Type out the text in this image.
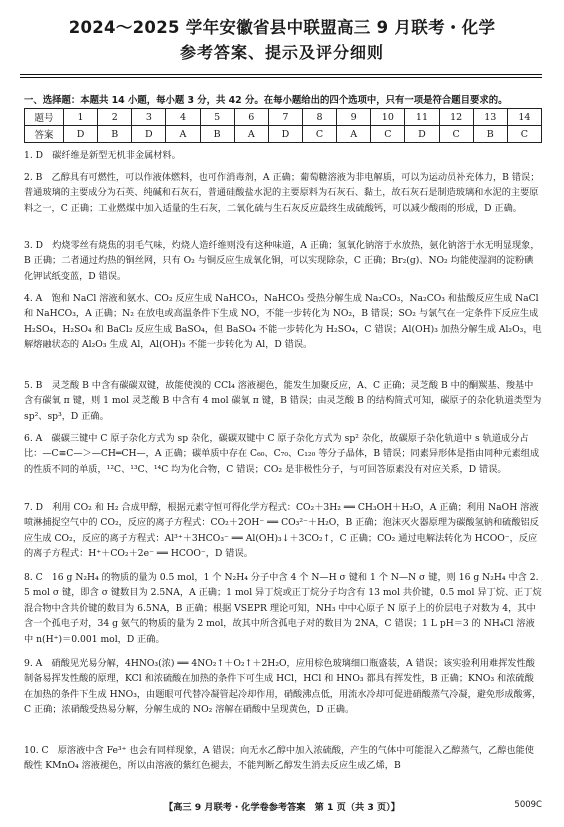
2024～2025 学年安徽省县中联盟高三 9 月联考・化学
参考答案、提示及评分细则
一、选择题：本题共 14 小题，每小题 3 分，共 42 分。在每小题给出的四个选项中，只有一项是符合题目要求的。
题号	1	2	3	4	5	6	7	8	9	10	11	12	13	14
答案	D	B	D	A	B	A	D	C	A	C	D	C	B	C
1. D　碳纤维是新型无机非金属材料。
2. B　乙醇具有可燃性，可以作液体燃料，也可作消毒剂，A 正确；葡萄糖溶液为非电解质，可以为运动员补充体力，B 错误；普通玻璃的主要成分为石英、纯碱和石灰石，普通硅酸盐水泥的主要原料为石灰石、黏土，故石灰石是制造玻璃和水泥的主要原料之一，C 正确；工业燃煤中加入适量的生石灰，二氧化硫与生石灰反应最终生成硫酸钙，可以减少酸雨的形成，D 正确。
3. D　灼烧零丝有烧焦的羽毛气味，灼烧人造纤维则没有这种味道，A 正确；氢氧化钠溶于水放热，氨化钠溶于水无明显现象，B 正确；二者通过灼热的铜丝网，只有 O₂ 与铜反应生成氧化铜，可以实现除杂，C 正确；Br₂(g)、NO₂ 均能使湿润的淀粉碘化钾试纸变蓝，D 错误。
4. A　饱和 NaCl 溶液和氨水、CO₂ 反应生成 NaHCO₃，NaHCO₃ 受热分解生成 Na₂CO₃，Na₂CO₃ 和盐酸反应生成 NaCl 和 NaHCO₃，A 正确；N₂ 在放电或高温条件下生成 NO，不能一步转化为 NO₂，B 错误；SO₂ 与氯气在一定条件下反应生成 H₂SO₄，H₂SO₄ 和 BaCl₂ 反应生成 BaSO₄，但 BaSO₄ 不能一步转化为 H₂SO₄，C 错误；Al(OH)₃ 加热分解生成 Al₂O₃，电解熔融状态的 Al₂O₃ 生成 Al，Al(OH)₃ 不能一步转化为 Al，D 错误。
5. B　灵芝酸 B 中含有碳碳双键，故能使溴的 CCl₄ 溶液褪色，能发生加聚反应，A、C 正确；灵芝酸 B 中的酮羰基、羧基中含有碳氧 π 键，则 1 mol 灵芝酸 B 中含有 4 mol 碳氧 π 键，B 错误；由灵芝酸 B 的结构简式可知，碳原子的杂化轨道类型为 sp²、sp³，D 正确。
6. A　碳碳三键中 C 原子杂化方式为 sp 杂化，碳碳双键中 C 原子杂化方式为 sp² 杂化，故碳原子杂化轨道中 s 轨道成分占比：—C≡C—＞—CH═CH—，A 正确；碳单质中存在 C₆₀、C₇₀、C₁₂₀ 等分子晶体，B 错误；同素异形体是指由同种元素组成的性质不同的单质，¹²C、¹³C、¹⁴C 均为化合物，C 错误；CO₂ 是非极性分子，与可回答原素没有对应关系，D 错误。
7. D　利用 CO₂ 和 H₂ 合成甲醇，根据元素守恒可得化学方程式：CO₂＋3H₂ ══ CH₃OH＋H₂O，A 正确；利用 NaOH 溶液喷淋捕捉空气中的 CO₂，反应的离子方程式：CO₂＋2OH⁻ ══ CO₃²⁻＋H₂O，B 正确；泡沫灭火器原理为碳酸氢钠和硫酸铝反应生成 CO₂，反应的离子方程式：Al³⁺＋3HCO₃⁻ ══ Al(OH)₃↓＋3CO₂↑，C 正确；CO₂ 通过电解法转化为 HCOO⁻，反应的离子方程式：H⁺＋CO₂＋2e⁻ ══ HCOO⁻，D 错误。
8. C　16 g N₂H₄ 的物质的量为 0.5 mol，1 个 N₂H₄ 分子中含 4 个 N—H σ 键和 1 个 N—N σ 键，则 16 g N₂H₄ 中含 2.5 mol σ 键，即含 σ 键数目为 2.5NA，A 正确；1 mol 异丁烷或正丁烷分子均含有 13 mol 共价键，0.5 mol 异丁烷、正丁烷混合物中含共价键的数目为 6.5NA，B 正确；根据 VSEPR 理论可知，NH₃ 中中心原子 N 原子上的价层电子对数为 4，其中含一个孤电子对，34 g 氨气的物质的量为 2 mol，故其中所含孤电子对的数目为 2NA，C 错误；1 L pH＝3 的 NH₄Cl 溶液中 n(H⁺)＝0.001 mol，D 正确。
9. A　硝酸见光易分解，4HNO₃(浓) ══ 4NO₂↑＋O₂↑＋2H₂O，应用棕色玻璃细口瓶盛装，A 错误；该实验利用难挥发性酸制备易挥发性酸的原理，KCl 和浓硫酸在加热的条件下可生成 HCl，HCl 和 HNO₃ 都具有挥发性，B 正确；KNO₃ 和浓硫酸在加热的条件下生成 HNO₃，由题眼可代替冷凝管起冷却作用，硝酸沸点低，用流水冷却可促进硝酸蒸气冷凝，避免形成酸雾，C 正确；浓硝酸受热易分解，分解生成的 NO₂ 溶解在硝酸中呈现黄色，D 正确。
10. C　原溶液中含 Fe³⁺ 也会有同样现象，A 错误；向无水乙醇中加入浓硫酸，产生的气体中可能混入乙醇蒸气，乙醇也能使酸性 KMnO₄ 溶液褪色，所以由溶液的紫红色褪去，不能判断乙醇发生消去反应生成乙烯，B
【高三 9 月联考・化学卷参考答案　第 1 页（共 3 页）】	5009C
